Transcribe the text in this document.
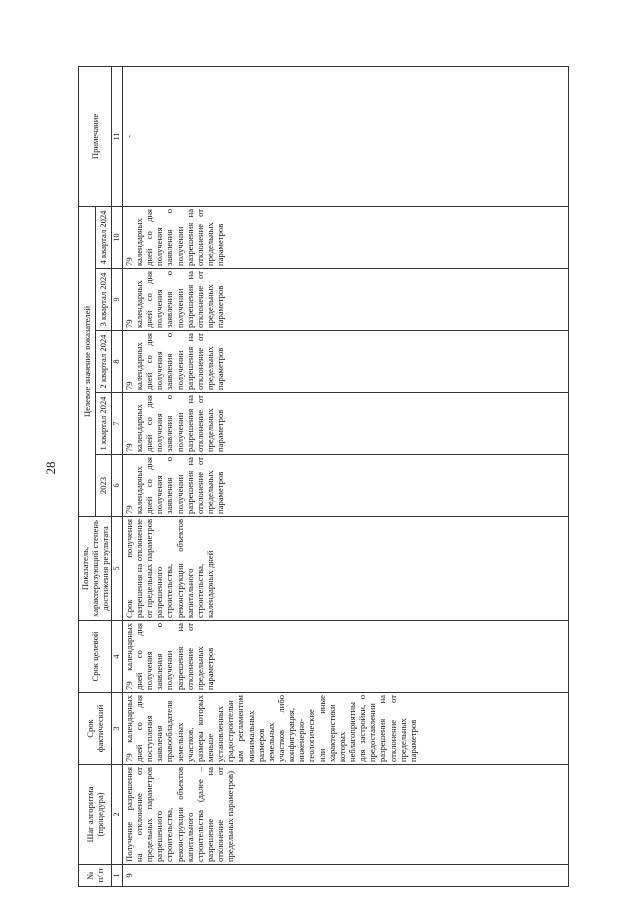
28
№ п/ п	Шаг алгоритма (процедура)	Срок фактический	Срок целевой	Показатель, характеризующий степень достижения результата	Целевое значение показателей					Примечание
					2023	1 квартал 2024	2 квартал 2024	3 квартал 2024	4 квартал 2024	
1	2	3	4	5	6	7	8	9	10	11
9	Получение разрешения на отклонение от предельных параметров разрешенного строительства, реконструкции объектов капитального строительства (далее – разрешение на отклонение от предельных параметров)	79 календарных дней со дня поступления заявления правообладателя земельных участков, размеры которых меньше установленных градостроительным регламентом минимальных размеров земельных участков либо конфигурация, инженерно-геологические или иные характеристики которых неблагоприятны для застройки, о предоставлении разрешения на отклонение от предельных параметров	79 календарных дней со дня получения заявления о получении разрешения на отклонение от предельных параметров	Срок получения разрешения на отклонение от предельных параметров разрешенного строительства, реконструкции объектов капитального строительства, календарных дней	79 календарных дней со дня получения заявления о получении разрешения на отклонение от предельных параметров	79 календарных дней со дня получения заявления о получении разрешения на отклонение от предельных параметров	79 календарных дней со дня получения заявления о получении разрешения на отклонение от предельных параметров	79 календарных дней со дня получения заявления о получении разрешения на отклонение от предельных параметров	79 календарных дней со дня получения заявления о получении разрешения на отклонение от предельных параметров	-
